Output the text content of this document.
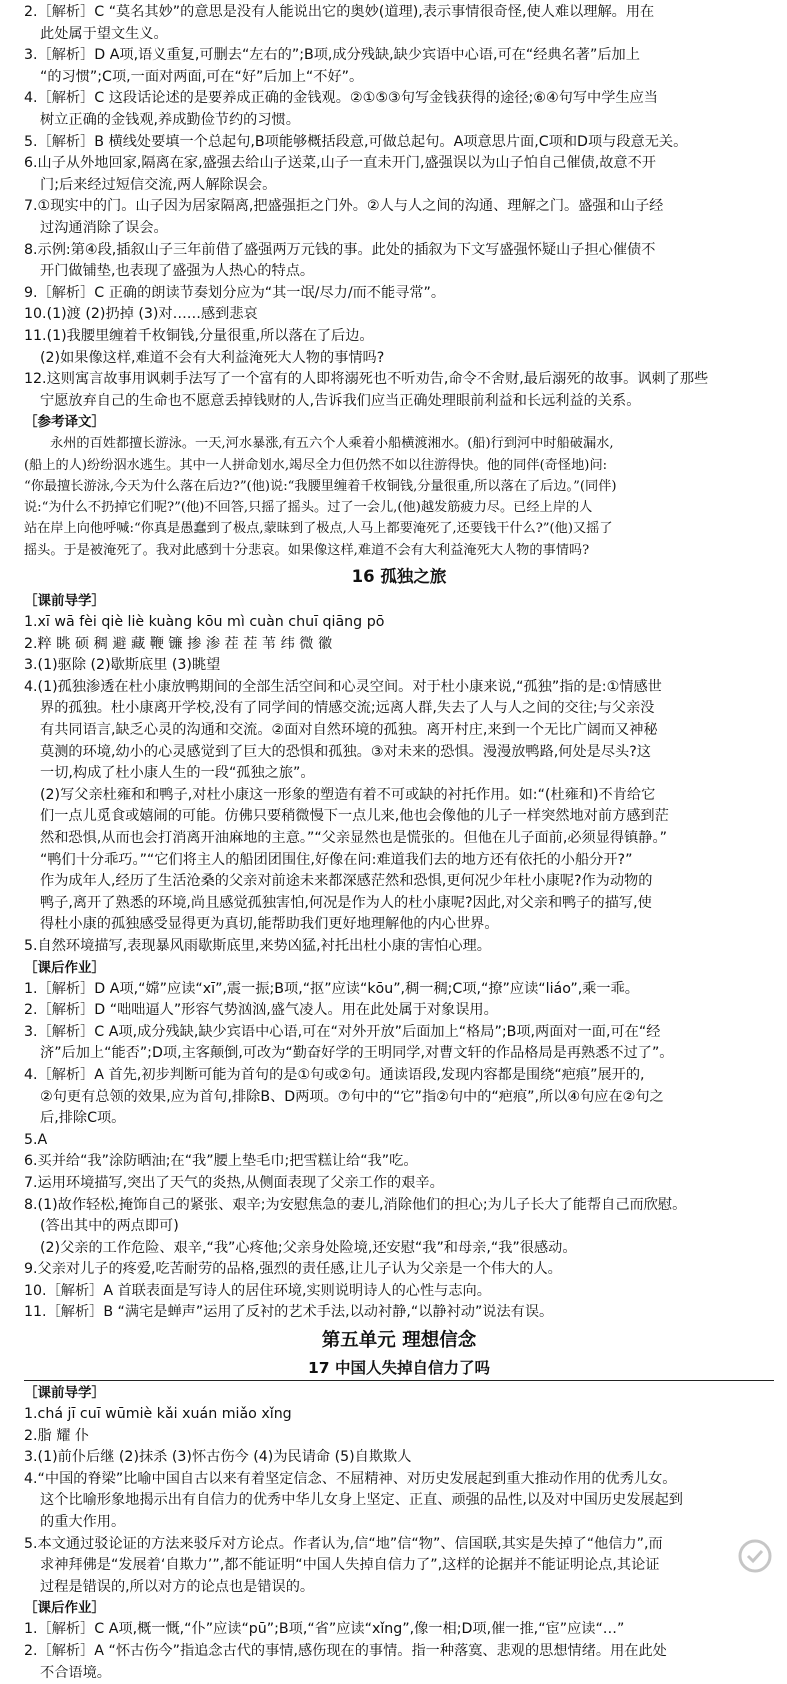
2.［解析］C “莫名其妙”的意思是没有人能说出它的奥妙(道理),表示事情很奇怪,使人难以理解。用在
此处属于望文生义。
3.［解析］D A项,语义重复,可删去“左右的”;B项,成分残缺,缺少宾语中心语,可在“经典名著”后加上
“的习惯”;C项,一面对两面,可在“好”后加上“不好”。
4.［解析］C 这段话论述的是要养成正确的金钱观。②①⑤③句写金钱获得的途径;⑥④句写中学生应当
树立正确的金钱观,养成勤俭节约的习惯。
5.［解析］B 横线处要填一个总起句,B项能够概括段意,可做总起句。A项意思片面,C项和D项与段意无关。
6.山子从外地回家,隔离在家,盛强去给山子送菜,山子一直未开门,盛强误以为山子怕自己催债,故意不开
门;后来经过短信交流,两人解除误会。
7.①现实中的门。山子因为居家隔离,把盛强拒之门外。②人与人之间的沟通、理解之门。盛强和山子经
过沟通消除了误会。
8.示例:第④段,插叙山子三年前借了盛强两万元钱的事。此处的插叙为下文写盛强怀疑山子担心催债不
开门做铺垫,也表现了盛强为人热心的特点。
9.［解析］C 正确的朗读节奏划分应为“其一氓/尽力/而不能寻常”。
10.(1)渡 (2)扔掉 (3)对……感到悲哀
11.(1)我腰里缠着千枚铜钱,分量很重,所以落在了后边。
(2)如果像这样,难道不会有大利益淹死大人物的事情吗?
12.这则寓言故事用讽刺手法写了一个富有的人即将溺死也不听劝告,命令不舍财,最后溺死的故事。讽刺了那些
宁愿放弃自己的生命也不愿意丢掉钱财的人,告诉我们应当正确处理眼前利益和长远利益的关系。
［参考译文］
永州的百姓都擅长游泳。一天,河水暴涨,有五六个人乘着小船横渡湘水。(船)行到河中时船破漏水,
(船上的人)纷纷泅水逃生。其中一人拼命划水,竭尽全力但仍然不如以往游得快。他的同伴(奇怪地)问:
“你最擅长游泳,今天为什么落在后边?”(他)说:“我腰里缠着千枚铜钱,分量很重,所以落在了后边。”(同伴)
说:“为什么不扔掉它们呢?”(他)不回答,只摇了摇头。过了一会儿,(他)越发筋疲力尽。已经上岸的人
站在岸上向他呼喊:“你真是愚蠢到了极点,蒙昧到了极点,人马上都要淹死了,还要钱干什么?”(他)又摇了
摇头。于是被淹死了。我对此感到十分悲哀。如果像这样,难道不会有大利益淹死大人物的事情吗?
16 孤独之旅
［课前导学］
1.xī wā fèi qiè liè kuàng kōu mì cuàn chuī qiāng pō
2.粹 眺 硕 稠 避 藏 鞭 镰 掺 渗 茬 茬 苇 纬 微 徽
3.(1)驱除 (2)歇斯底里 (3)眺望
4.(1)孤独渗透在杜小康放鸭期间的全部生活空间和心灵空间。对于杜小康来说,“孤独”指的是:①情感世
界的孤独。杜小康离开学校,没有了同学间的情感交流;远离人群,失去了人与人之间的交往;与父亲没
有共同语言,缺乏心灵的沟通和交流。②面对自然环境的孤独。离开村庄,来到一个无比广阔而又神秘
莫测的环境,幼小的心灵感觉到了巨大的恐惧和孤独。③对未来的恐惧。漫漫放鸭路,何处是尽头?这
一切,构成了杜小康人生的一段“孤独之旅”。
(2)写父亲杜雍和和鸭子,对杜小康这一形象的塑造有着不可或缺的衬托作用。如:“(杜雍和)不肯给它
们一点儿觅食或嬉闹的可能。仿佛只要稍微慢下一点儿来,他也会像他的儿子一样突然地对前方感到茫
然和恐惧,从而也会打消离开油麻地的主意。”“父亲显然也是慌张的。但他在儿子面前,必须显得镇静。”
“鸭们十分乖巧。”“它们将主人的船团团围住,好像在问:难道我们去的地方还有依托的小船分开?”
作为成年人,经历了生活沧桑的父亲对前途未来都深感茫然和恐惧,更何况少年杜小康呢?作为动物的
鸭子,离开了熟悉的环境,尚且感觉孤独害怕,何况是作为人的杜小康呢?因此,对父亲和鸭子的描写,使
得杜小康的孤独感受显得更为真切,能帮助我们更好地理解他的内心世界。
5.自然环境描写,表现暴风雨歇斯底里,来势凶猛,衬托出杜小康的害怕心理。
［课后作业］
1.［解析］D A项,“嫦”应读“xī”,震一振;B项,“抠”应读“kōu”,稠一稠;C项,“撩”应读“liáo”,乘一乖。
2.［解析］D “咄咄逼人”形容气势汹汹,盛气凌人。用在此处属于对象误用。
3.［解析］C A项,成分残缺,缺少宾语中心语,可在“对外开放”后面加上“格局”;B项,两面对一面,可在“经
济”后加上“能否”;D项,主客颠倒,可改为“勤奋好学的王明同学,对曹文轩的作品格局是再熟悉不过了”。
4.［解析］A 首先,初步判断可能为首句的是①句或②句。通读语段,发现内容都是围绕“疤痕”展开的,
②句更有总领的效果,应为首句,排除B、D两项。⑦句中的“它”指②句中的“疤痕”,所以④句应在②句之
后,排除C项。
5.A
6.买并给“我”涂防晒油;在“我”腰上垫毛巾;把雪糕让给“我”吃。
7.运用环境描写,突出了天气的炎热,从侧面表现了父亲工作的艰辛。
8.(1)故作轻松,掩饰自己的紧张、艰辛;为安慰焦急的妻儿,消除他们的担心;为儿子长大了能帮自己而欣慰。
(答出其中的两点即可)
(2)父亲的工作危险、艰辛,“我”心疼他;父亲身处险境,还安慰“我”和母亲,“我”很感动。
9.父亲对儿子的疼爱,吃苦耐劳的品格,强烈的责任感,让儿子认为父亲是一个伟大的人。
10.［解析］A 首联表面是写诗人的居住环境,实则说明诗人的心性与志向。
11.［解析］B “满宅是蝉声”运用了反衬的艺术手法,以动衬静,“以静衬动”说法有误。
第五单元 理想信念
17 中国人失掉自信力了吗
［课前导学］
1.chá jī cuī wūmiè kǎi xuán miǎo xǐng
2.脂 耀 仆
3.(1)前仆后继 (2)抹杀 (3)怀古伤今 (4)为民请命 (5)自欺欺人
4.“中国的脊梁”比喻中国自古以来有着坚定信念、不屈精神、对历史发展起到重大推动作用的优秀儿女。
这个比喻形象地揭示出有自信力的优秀中华儿女身上坚定、正直、顽强的品性,以及对中国历史发展起到
的重大作用。
5.本文通过驳论证的方法来驳斥对方论点。作者认为,信“地”信“物”、信国联,其实是失掉了“他信力”,而
求神拜佛是“发展着‘自欺力’”,都不能证明“中国人失掉自信力了”,这样的论据并不能证明论点,其论证
过程是错误的,所以对方的论点也是错误的。
［课后作业］
1.［解析］C A项,概一慨,“仆”应读“pū”;B项,“省”应读“xǐng”,像一相;D项,催一推,“宦”应读“…”
2.［解析］A “怀古伤今”指追念古代的事情,感伤现在的事情。指一种落寞、悲观的思想情绪。用在此处
不合语境。
